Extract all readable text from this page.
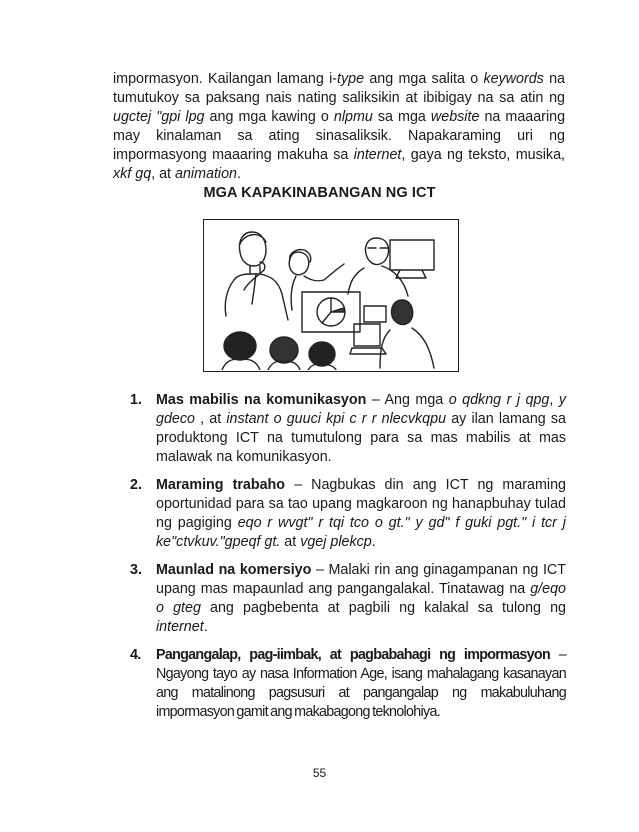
impormasyon. Kailangan lamang i-type ang mga salita o keywords na tumutukoy sa paksang nais nating saliksikin at ibibigay na sa atin ng ugctej "gpi lpg ang mga kawing o nlpmu sa mga website na maaaring may kinalaman sa ating sinasaliksik. Napakaraming uri ng impormasyong maaaring makuha sa internet, gaya ng teksto, musika, xkf gq, at animation.

MGA KAPAKINABANGAN NG ICT
1. Mas mabilis na komunikasyon – Ang mga o qdkng r j qpg, y gdeco , at instant o guuci kpi c r r nlecvkqpu ay ilan lamang sa produktong ICT na tumutulong para sa mas mabilis at mas malawak na komunikasyon.
2. Maraming trabaho – Nagbukas din ang ICT ng maraming oportunidad para sa tao upang magkaroon ng hanapbuhay tulad ng pagiging eqo r wvgt" r tqi tco o gt." y gd" f guki pgt." i tcr j ke"ctvkuv."gpeqf gt. at vgej plekcp.
3. Maunlad na komersiyo – Malaki rin ang ginagampanan ng ICT upang mas mapaunlad ang pangangalakal. Tinatawag na g/eqo o gteg ang pagbebenta at pagbili ng kalakal sa tulong ng internet.
4. Pangangalap, pag-iimbak, at pagbabahagi ng impormasyon – Ngayong tayo ay nasa Information Age, isang mahalagang kasanayan ang matalinong pagsusuri at pangangalap ng makabuluhang impormasyon gamit ang makabagong teknolohiya.
55
